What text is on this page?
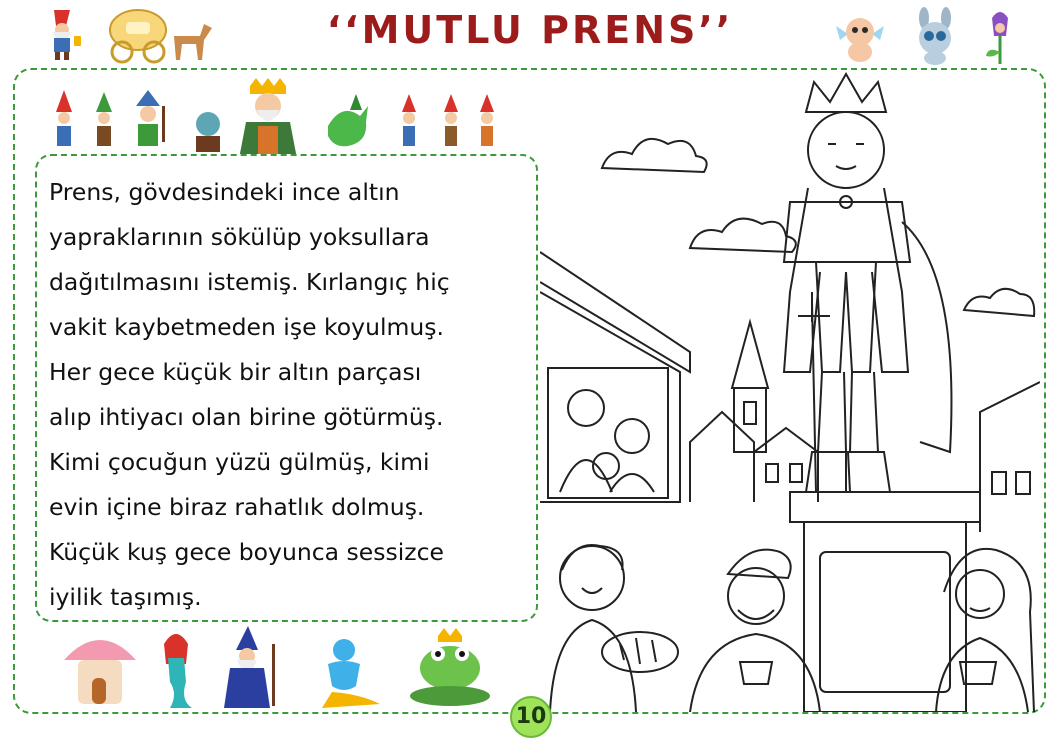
‘‘MUTLU PRENS’’
Prens, gövdesindeki ince altın
yapraklarının sökülüp yoksullara
dağıtılmasını istemiş. Kırlangıç hiç
vakit kaybetmeden işe koyulmuş.
Her gece küçük bir altın parçası
alıp ihtiyacı olan birine götürmüş.
Kimi çocuğun yüzü gülmüş, kimi
evin içine biraz rahatlık dolmuş.
Küçük kuş gece boyunca sessizce
iyilik taşımış.
10
